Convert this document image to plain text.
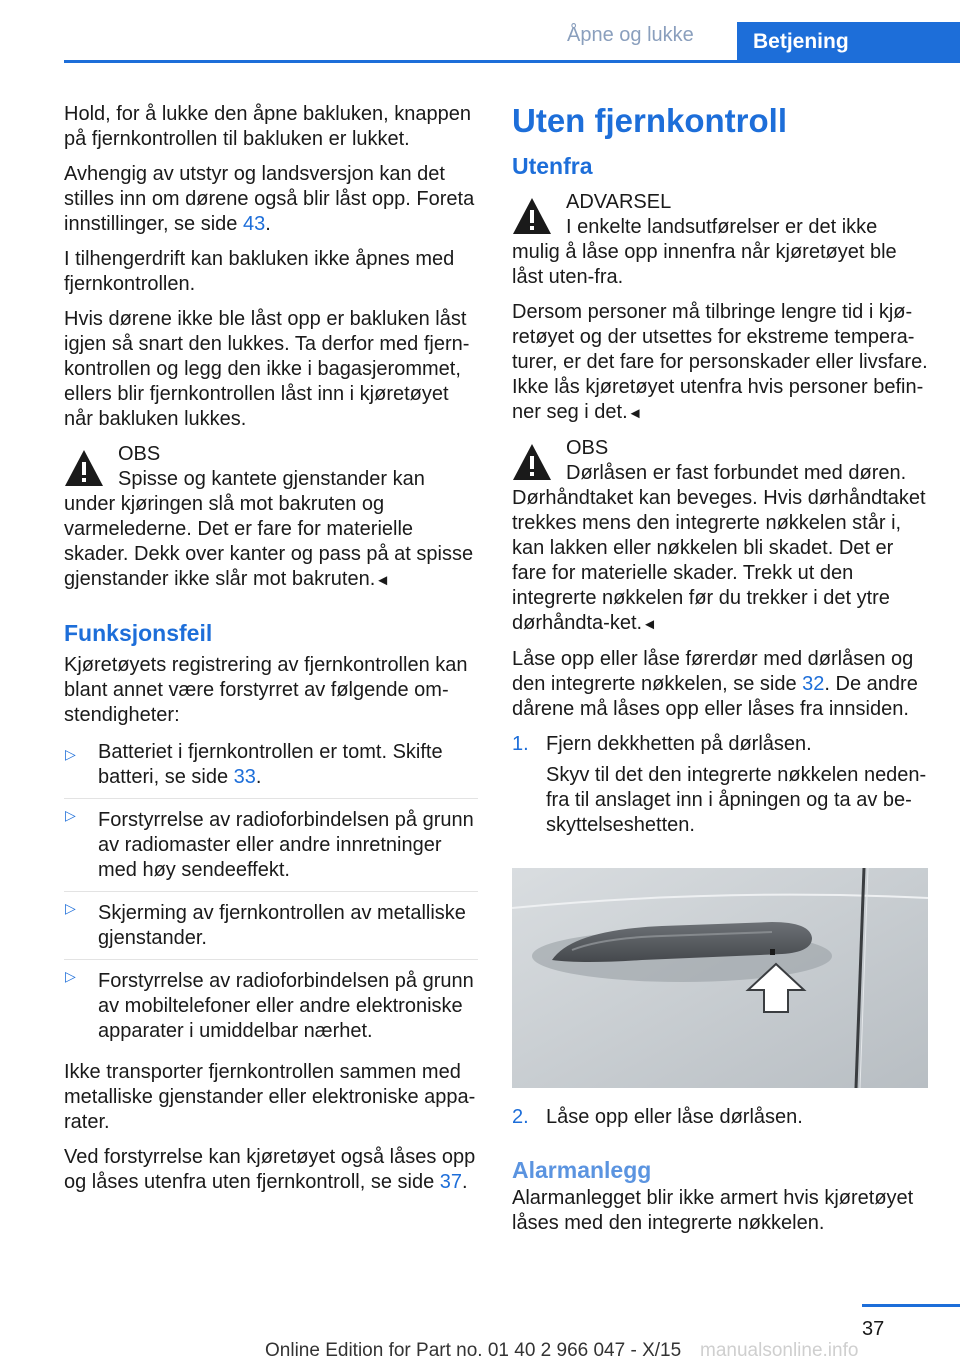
Åpne og lukke	Betjening

Hold, for å lukke den åpne bakluken, knappen på fjernkontrollen til bakluken er lukket.

Avhengig av utstyr og landsversjon kan det stilles inn om dørene også blir låst opp. Foreta innstillinger, se side 43.

I tilhengerdrift kan bakluken ikke åpnes med fjernkontrollen.

Hvis dørene ikke ble låst opp er bakluken låst igjen så snart den lukkes. Ta derfor med fjern-kontrollen og legg den ikke i bagasjerommet, ellers blir fjernkontrollen låst inn i kjøretøyet når bakluken lukkes.

OBS

Spisse og kantete gjenstander kan under kjøringen slå mot bakruten og varmelederne. Det er fare for materielle skader. Dekk over kanter og pass på at spisse gjenstander ikke slår mot bakruten.◄

Funksjonsfeil

Kjøretøyets registrering av fjernkontrollen kan blant annet være forstyrret av følgende om-stendigheter:

▷ Batteriet i fjernkontrollen er tomt. Skifte batteri, se side 33.
▷ Forstyrrelse av radioforbindelsen på grunn av radiomaster eller andre innretninger med høy sendeeffekt.
▷ Skjerming av fjernkontrollen av metalliske gjenstander.
▷ Forstyrrelse av radioforbindelsen på grunn av mobiltelefoner eller andre elektroniske apparater i umiddelbar nærhet.

Ikke transporter fjernkontrollen sammen med metalliske gjenstander eller elektroniske appa-rater.

Ved forstyrrelse kan kjøretøyet også låses opp og låses utenfra uten fjernkontroll, se side 37.

Uten fjernkontroll
Utenfra

ADVARSEL

I enkelte landsutførelser er det ikke mulig å låse opp innenfra når kjøretøyet ble låst uten-fra.

Dersom personer må tilbringe lengre tid i kjø-retøyet og der utsettes for ekstreme tempera-turer, er det fare for personskader eller livsfare. Ikke lås kjøretøyet utenfra hvis personer befin-ner seg i det.◄

OBS

Dørlåsen er fast forbundet med døren. Dørhåndtaket kan beveges. Hvis dørhåndtaket trekkes mens den integrerte nøkkelen står i, kan lakken eller nøkkelen bli skadet. Det er fare for materielle skader. Trekk ut den integrerte nøkkelen før du trekker i det ytre dørhåndta-ket.◄

Låse opp eller låse førerdør med dørlåsen og den integrerte nøkkelen, se side 32. De andre dårene må låses opp eller låses fra innsiden.

1. Fjern dekkhetten på dørlåsen.
Skyv til det den integrerte nøkkelen neden-fra til anslaget inn i åpningen og ta av be-skyttelseshetten.
2. Låse opp eller låse dørlåsen.
Alarmanlegg

Alarmanlegget blir ikke armert hvis kjøretøyet låses med den integrerte nøkkelen.

37
Online Edition for Part no. 01 40 2 966 047 - X/15 manualsonline.info
